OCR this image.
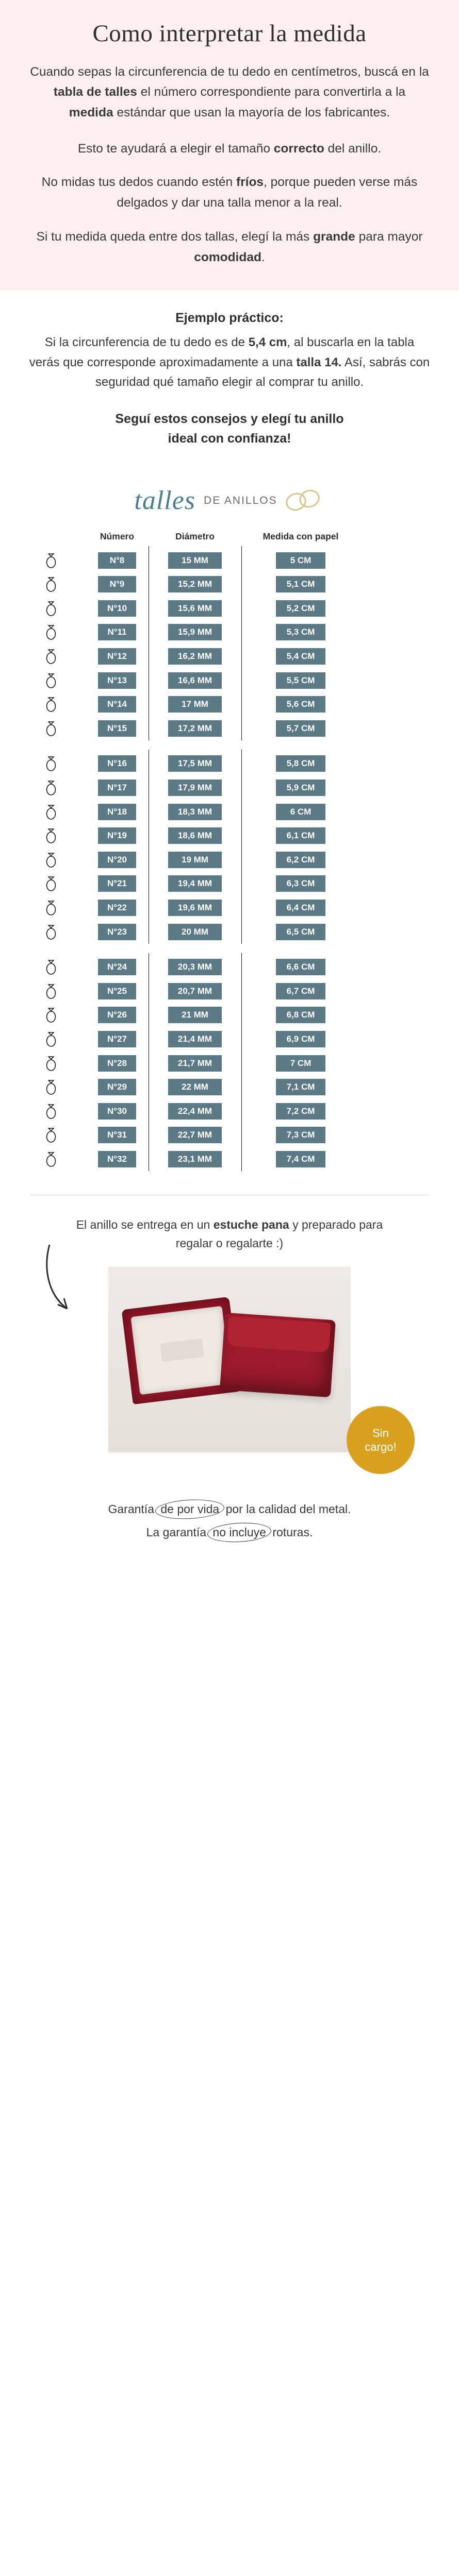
Como interpretar la medida

Cuando sepas la circunferencia de tu dedo en centímetros, buscá en la tabla de talles el número correspondiente para convertirla a la medida estándar que usan la mayoría de los fabricantes.

Esto te ayudará a elegir el tamaño correcto del anillo.

No midas tus dedos cuando estén fríos, porque pueden verse más delgados y dar una talla menor a la real.

Si tu medida queda entre dos tallas, elegí la más grande para mayor comodidad.

Ejemplo práctico:

Si la circunferencia de tu dedo es de 5,4 cm, al buscarla en la tabla verás que corresponde aproximadamente a una talla 14. Así, sabrás con seguridad qué tamaño elegir al comprar tu anillo.

Seguí estos consejos y elegí tu anillo
ideal con confianza!
talles DE ANILLOS
Número	Diámetro	Medida con papel
N°8	15 MM	5 CM
N°9	15,2 MM	5,1 CM
N°10	15,6 MM	5,2 CM
N°11	15,9 MM	5,3 CM
N°12	16,2 MM	5,4 CM
N°13	16,6 MM	5,5 CM
N°14	17 MM	5,6 CM
N°15	17,2 MM	5,7 CM
N°16	17,5 MM	5,8 CM
N°17	17,9 MM	5,9 CM
N°18	18,3 MM	6 CM
N°19	18,6 MM	6,1 CM
N°20	19 MM	6,2 CM
N°21	19,4 MM	6,3 CM
N°22	19,6 MM	6,4 CM
N°23	20 MM	6,5 CM
N°24	20,3 MM	6,6 CM
N°25	20,7 MM	6,7 CM
N°26	21 MM	6,8 CM
N°27	21,4 MM	6,9 CM
N°28	21,7 MM	7 CM
N°29	22 MM	7,1 CM
N°30	22,4 MM	7,2 CM
N°31	22,7 MM	7,3 CM
N°32	23,1 MM	7,4 CM

El anillo se entrega en un estuche pana y preparado para regalar o regalarte :)

Sin
cargo!
Garantía de por vida por la calidad del metal.
La garantía no incluye roturas.
